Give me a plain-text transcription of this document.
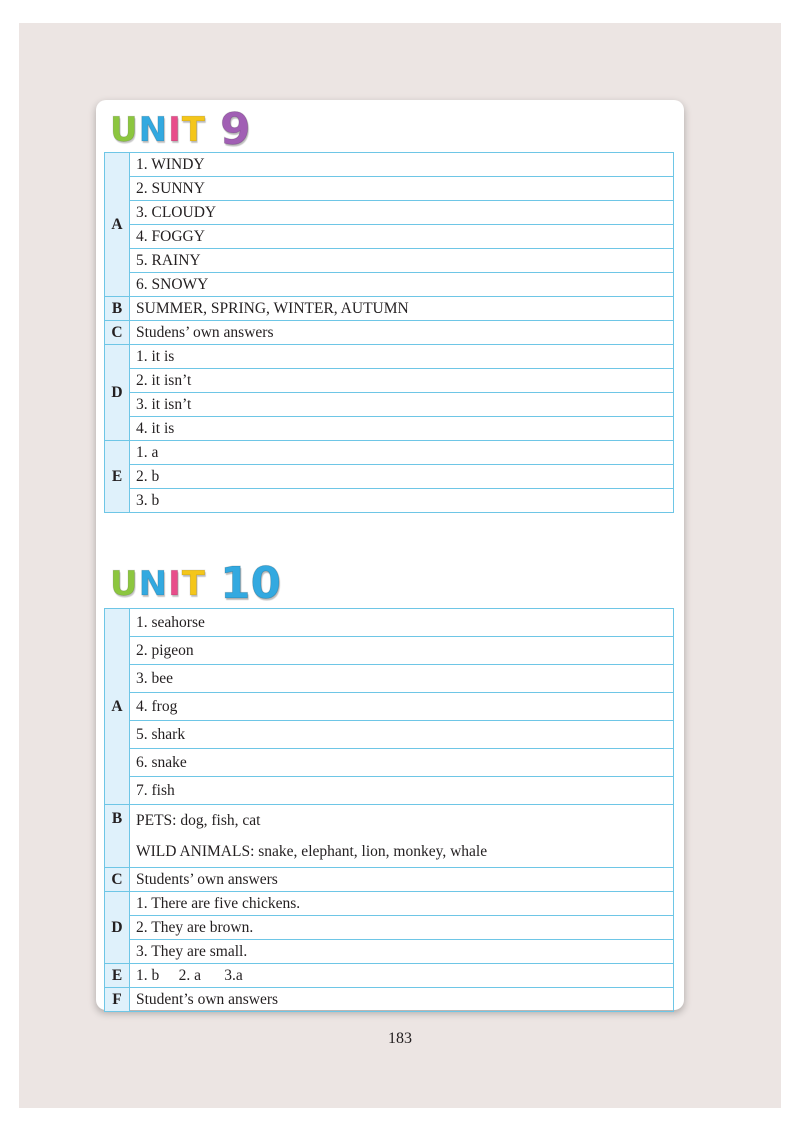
UNIT 9
A	1. WINDY
	2. SUNNY
	3. CLOUDY
	4. FOGGY
	5. RAINY
	6. SNOWY
B	SUMMER, SPRING, WINTER, AUTUMN
C	Studens’ own answers
D	1. it is
	2. it isn’t
	3. it isn’t
	4. it is
E	1. a
	2. b
	3. b
UNIT 10
A	1. seahorse
	2. pigeon
	3. bee
	4. frog
	5. shark
	6. snake
	7. fish
B	PETS: dog, fish, cat
WILD ANIMALS: snake, elephant, lion, monkey, whale

C	Students’ own answers
D	1. There are five chickens.
	2. They are brown.
	3. They are small.
E	1. b     2. a      3.a
F	Student’s own answers
183
